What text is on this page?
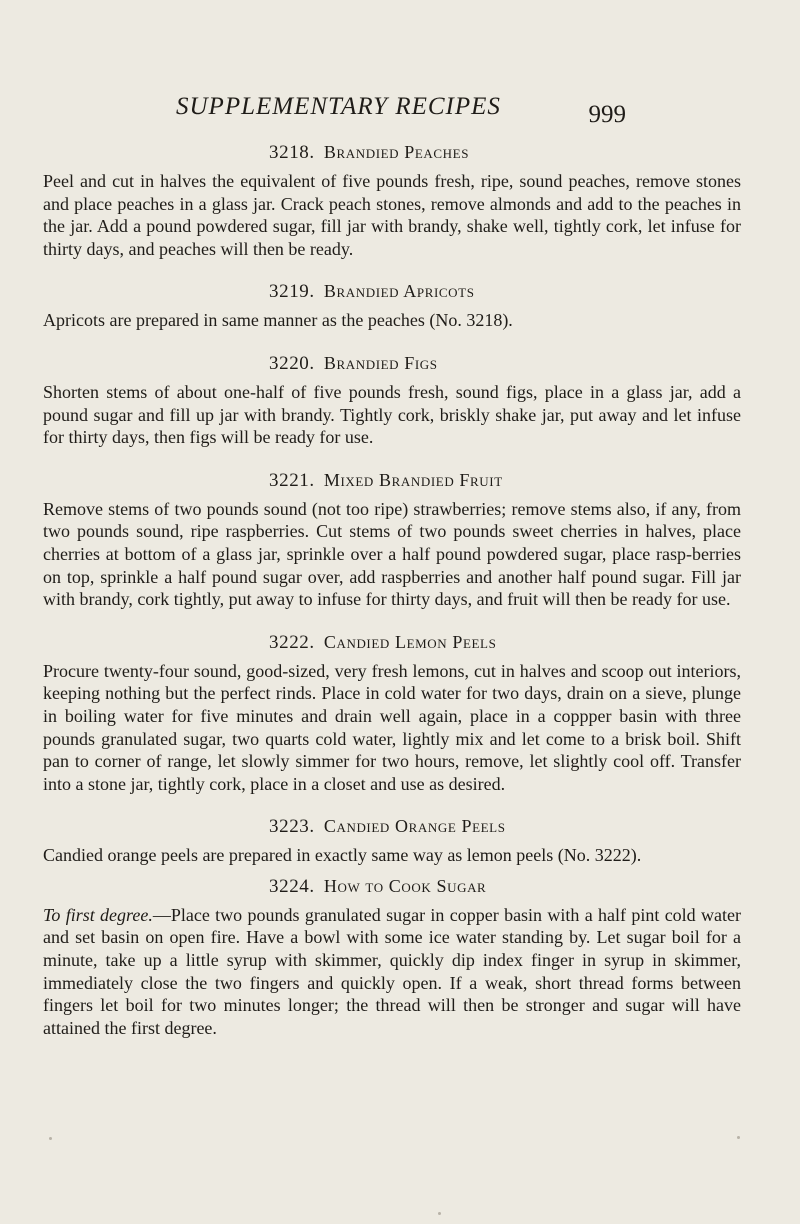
SUPPLEMENTARY RECIPES	999
3218. Brandied Peaches

Peel and cut in halves the equivalent of five pounds fresh, ripe, sound peaches, remove stones and place peaches in a glass jar. Crack peach stones, remove almonds and add to the peaches in the jar. Add a pound powdered sugar, fill jar with brandy, shake well, tightly cork, let infuse for thirty days, and peaches will then be ready.

3219. Brandied Apricots

Apricots are prepared in same manner as the peaches (No. 3218).

3220. Brandied Figs

Shorten stems of about one-half of five pounds fresh, sound figs, place in a glass jar, add a pound sugar and fill up jar with brandy. Tightly cork, briskly shake jar, put away and let infuse for thirty days, then figs will be ready for use.

3221. Mixed Brandied Fruit

Remove stems of two pounds sound (not too ripe) strawberries; remove stems also, if any, from two pounds sound, ripe raspberries. Cut stems of two pounds sweet cherries in halves, place cherries at bottom of a glass jar, sprinkle over a half pound powdered sugar, place rasp-berries on top, sprinkle a half pound sugar over, add raspberries and another half pound sugar. Fill jar with brandy, cork tightly, put away to infuse for thirty days, and fruit will then be ready for use.

3222. Candied Lemon Peels

Procure twenty-four sound, good-sized, very fresh lemons, cut in halves and scoop out interiors, keeping nothing but the perfect rinds. Place in cold water for two days, drain on a sieve, plunge in boiling water for five minutes and drain well again, place in a coppper basin with three pounds granulated sugar, two quarts cold water, lightly mix and let come to a brisk boil. Shift pan to corner of range, let slowly simmer for two hours, remove, let slightly cool off. Transfer into a stone jar, tightly cork, place in a closet and use as desired.

3223. Candied Orange Peels

Candied orange peels are prepared in exactly same way as lemon peels (No. 3222).

3224. How to Cook Sugar

To first degree.—Place two pounds granulated sugar in copper basin with a half pint cold water and set basin on open fire. Have a bowl with some ice water standing by. Let sugar boil for a minute, take up a little syrup with skimmer, quickly dip index finger in syrup in skimmer, immediately close the two fingers and quickly open. If a weak, short thread forms between fingers let boil for two minutes longer; the thread will then be stronger and sugar will have attained the first degree.
